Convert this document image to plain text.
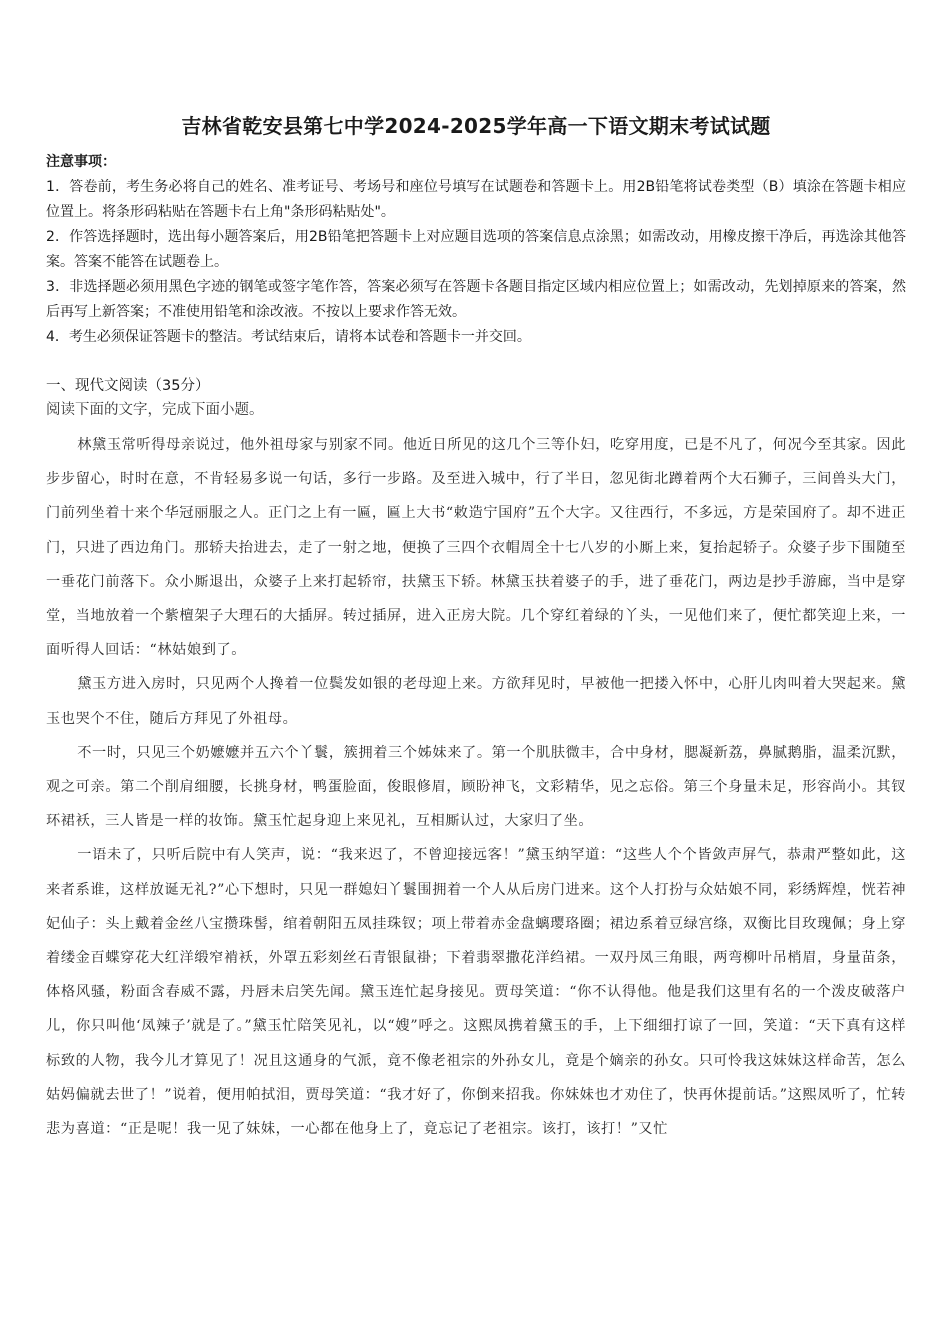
吉林省乾安县第七中学2024-2025学年高一下语文期末考试试题
注意事项：
1．答卷前，考生务必将自己的姓名、准考证号、考场号和座位号填写在试题卷和答题卡上。用2B铅笔将试卷类型（B）填涂在答题卡相应位置上。将条形码粘贴在答题卡右上角"条形码粘贴处"。
2．作答选择题时，选出每小题答案后，用2B铅笔把答题卡上对应题目选项的答案信息点涂黑；如需改动，用橡皮擦干净后，再选涂其他答案。答案不能答在试题卷上。
3．非选择题必须用黑色字迹的钢笔或签字笔作答，答案必须写在答题卡各题目指定区域内相应位置上；如需改动，先划掉原来的答案，然后再写上新答案；不准使用铅笔和涂改液。不按以上要求作答无效。
4．考生必须保证答题卡的整洁。考试结束后，请将本试卷和答题卡一并交回。
一、现代文阅读（35分）
阅读下面的文字，完成下面小题。

林黛玉常听得母亲说过，他外祖母家与别家不同。他近日所见的这几个三等仆妇，吃穿用度，已是不凡了，何况今至其家。因此步步留心，时时在意，不肯轻易多说一句话，多行一步路。及至进入城中，行了半日，忽见街北蹲着两个大石狮子，三间兽头大门，门前列坐着十来个华冠丽服之人。正门之上有一匾，匾上大书“敕造宁国府”五个大字。又往西行，不多远，方是荣国府了。却不进正门，只进了西边角门。那轿夫抬进去，走了一射之地，便换了三四个衣帽周全十七八岁的小厮上来，复抬起轿子。众婆子步下围随至一垂花门前落下。众小厮退出，众婆子上来打起轿帘，扶黛玉下轿。林黛玉扶着婆子的手，进了垂花门，两边是抄手游廊，当中是穿堂，当地放着一个紫檀架子大理石的大插屏。转过插屏，进入正房大院。几个穿红着绿的丫头，一见他们来了，便忙都笑迎上来，一面听得人回话：“林姑娘到了。

黛玉方进入房时，只见两个人搀着一位鬓发如银的老母迎上来。方欲拜见时，早被他一把搂入怀中，心肝儿肉叫着大哭起来。黛玉也哭个不住，随后方拜见了外祖母。

不一时，只见三个奶嬷嬷并五六个丫鬟，簇拥着三个姊妹来了。第一个肌肤微丰，合中身材，腮凝新荔，鼻腻鹅脂，温柔沉默，观之可亲。第二个削肩细腰，长挑身材，鸭蛋脸面，俊眼修眉，顾盼神飞，文彩精华，见之忘俗。第三个身量未足，形容尚小。其钗环裙袄，三人皆是一样的妆饰。黛玉忙起身迎上来见礼，互相厮认过，大家归了坐。

一语未了，只听后院中有人笑声，说：“我来迟了，不曾迎接远客！”黛玉纳罕道：“这些人个个皆敛声屏气，恭肃严整如此，这来者系谁，这样放诞无礼?”心下想时，只见一群媳妇丫鬟围拥着一个人从后房门进来。这个人打扮与众姑娘不同，彩绣辉煌，恍若神妃仙子：头上戴着金丝八宝攒珠髻，绾着朝阳五凤挂珠钗；项上带着赤金盘螭璎珞圈；裙边系着豆绿宫绦，双衡比目玫瑰佩；身上穿着缕金百蝶穿花大红洋缎窄褃袄，外罩五彩刻丝石青银鼠褂；下着翡翠撒花洋绉裙。一双丹凤三角眼，两弯柳叶吊梢眉，身量苗条，体格风骚，粉面含春威不露，丹唇未启笑先闻。黛玉连忙起身接见。贾母笑道：“你不认得他。他是我们这里有名的一个泼皮破落户儿，你只叫他‘凤辣子’就是了。”黛玉忙陪笑见礼，以“嫂”呼之。这熙凤携着黛玉的手，上下细细打谅了一回，笑道：“天下真有这样标致的人物，我今儿才算见了！况且这通身的气派，竟不像老祖宗的外孙女儿，竟是个嫡亲的孙女。只可怜我这妹妹这样命苦，怎么姑妈偏就去世了！”说着，便用帕拭泪，贾母笑道：“我才好了，你倒来招我。你妹妹也才劝住了，快再休提前话。”这熙凤听了，忙转悲为喜道：“正是呢！我一见了妹妹，一心都在他身上了，竟忘记了老祖宗。该打，该打！”又忙
